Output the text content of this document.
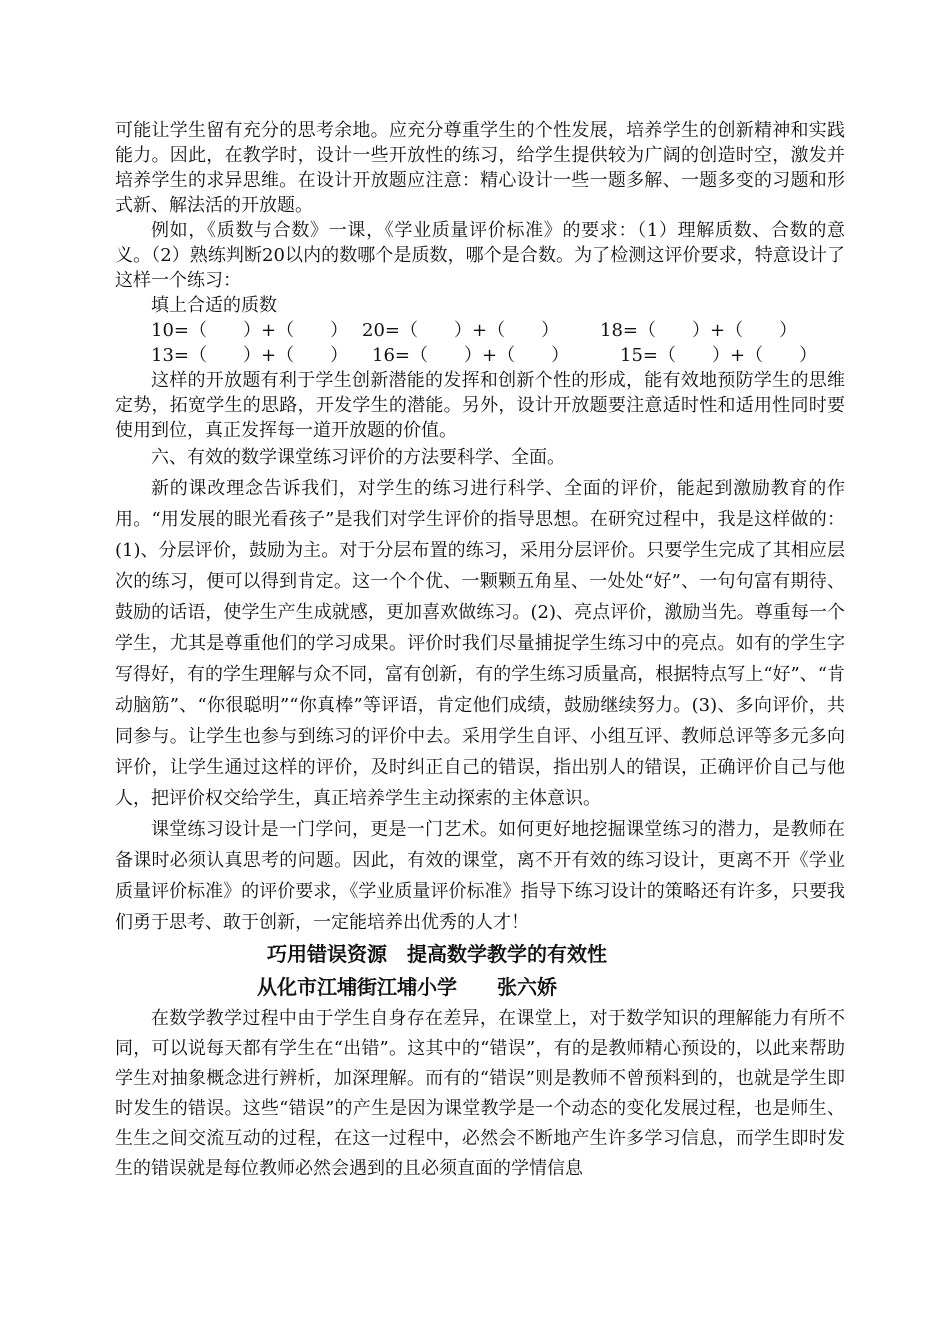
可能让学生留有充分的思考余地。应充分尊重学生的个性发展，培养学生的创新精神和实践能力。因此，在教学时，设计一些开放性的练习，给学生提供较为广阔的创造时空，激发并培养学生的求异思维。在设计开放题应注意：精心设计一些一题多解、一题多变的习题和形式新、解法活的开放题。

例如，《质数与合数》一课，《学业质量评价标准》的要求：（1）理解质数、合数的意义。（2）熟练判断20以内的数哪个是质数，哪个是合数。为了检测这评价要求，特意设计了这样一个练习：

填上合适的质数

10=（　　）+（　　） 20=（　　）+（　　） 18=（　　）+（　　）
13=（　　）+（　　） 16=（　　）+（　　）	15=（　　）+（　　）

这样的开放题有利于学生创新潜能的发挥和创新个性的形成，能有效地预防学生的思维定势，拓宽学生的思路，开发学生的潜能。另外，设计开放题要注意适时性和适用性同时要使用到位，真正发挥每一道开放题的价值。

六、有效的数学课堂练习评价的方法要科学、全面。

新的课改理念告诉我们，对学生的练习进行科学、全面的评价，能起到激励教育的作用。“用发展的眼光看孩子”是我们对学生评价的指导思想。在研究过程中，我是这样做的：(1)、分层评价，鼓励为主。对于分层布置的练习，采用分层评价。只要学生完成了其相应层次的练习，便可以得到肯定。这一个个优、一颗颗五角星、一处处“好”、一句句富有期待、鼓励的话语，使学生产生成就感，更加喜欢做练习。(2)、亮点评价，激励当先。尊重每一个学生，尤其是尊重他们的学习成果。评价时我们尽量捕捉学生练习中的亮点。如有的学生字写得好，有的学生理解与众不同，富有创新，有的学生练习质量高，根据特点写上“好”、“肯动脑筋”、“你很聪明”“你真棒”等评语，肯定他们成绩，鼓励继续努力。(3)、多向评价，共同参与。让学生也参与到练习的评价中去。采用学生自评、小组互评、教师总评等多元多向评价，让学生通过这样的评价，及时纠正自己的错误，指出别人的错误，正确评价自己与他人，把评价权交给学生，真正培养学生主动探索的主体意识。

课堂练习设计是一门学问，更是一门艺术。如何更好地挖掘课堂练习的潜力，是教师在备课时必须认真思考的问题。因此，有效的课堂，离不开有效的练习设计，更离不开《学业质量评价标准》的评价要求，《学业质量评价标准》指导下练习设计的策略还有许多，只要我们勇于思考、敢于创新，一定能培养出优秀的人才！

巧用错误资源　提高数学教学的有效性

从化市江埔街江埔小学　　张六娇

在数学教学过程中由于学生自身存在差异，在课堂上，对于数学知识的理解能力有所不同，可以说每天都有学生在“出错”。这其中的“错误”，有的是教师精心预设的，以此来帮助学生对抽象概念进行辨析，加深理解。而有的“错误”则是教师不曾预料到的，也就是学生即时发生的错误。这些“错误”的产生是因为课堂教学是一个动态的变化发展过程，也是师生、生生之间交流互动的过程，在这一过程中，必然会不断地产生许多学习信息，而学生即时发生的错误就是每位教师必然会遇到的且必须直面的学情信息
